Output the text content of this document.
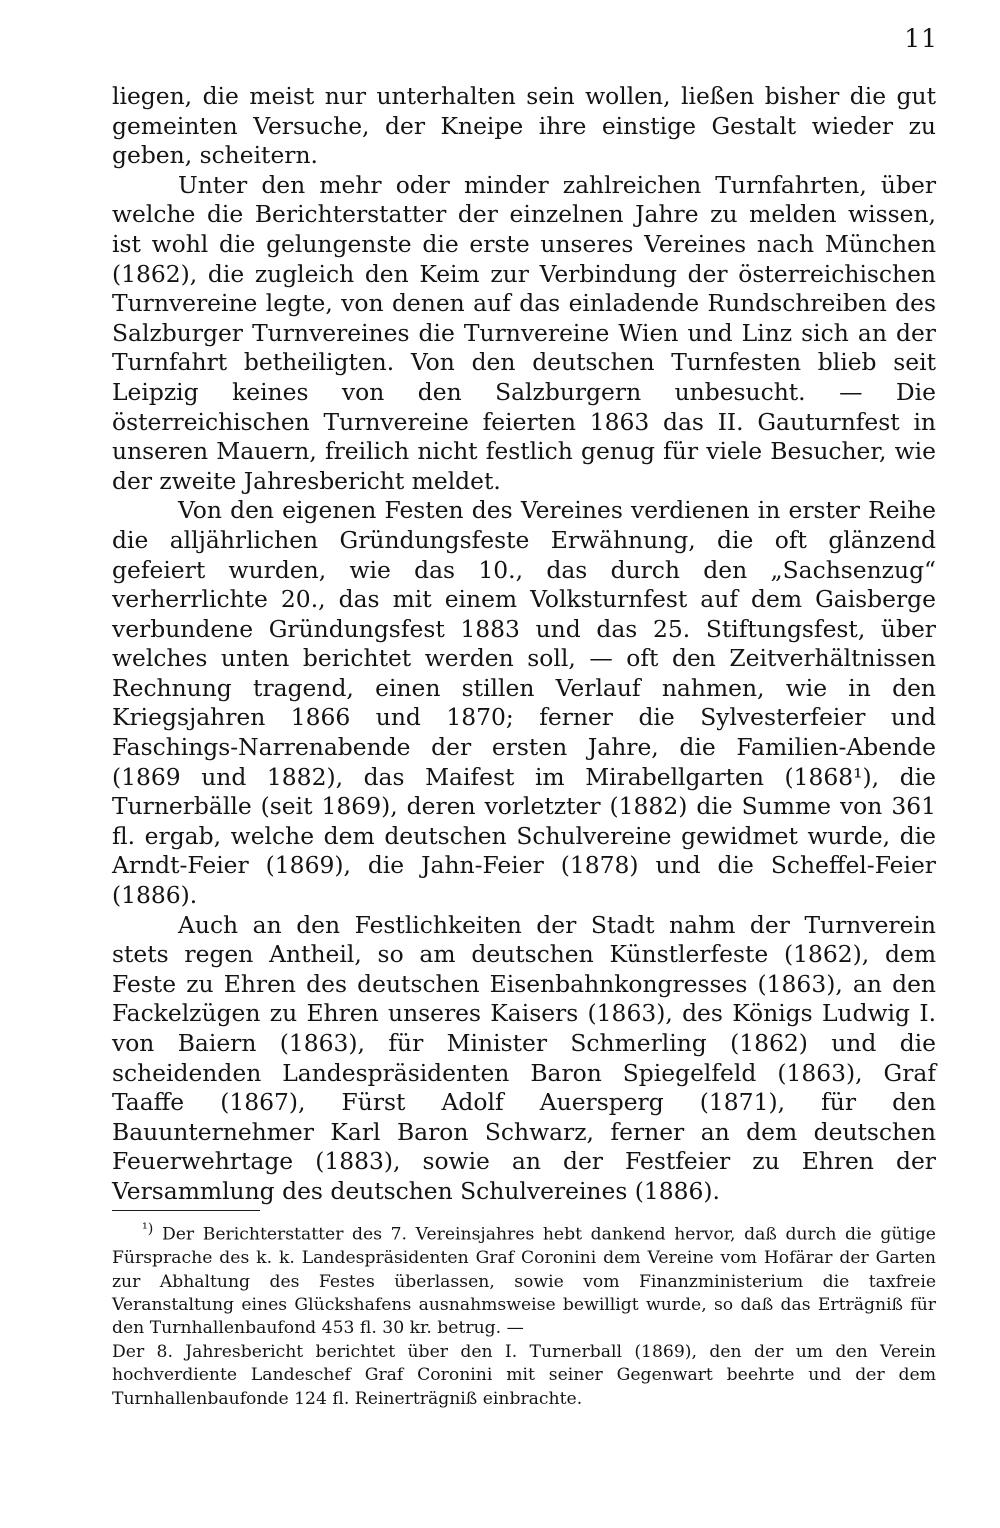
11

liegen, die meist nur unterhalten sein wollen, ließen bisher die gut gemeinten Versuche, der Kneipe ihre einstige Gestalt wieder zu geben, scheitern.

Unter den mehr oder minder zahlreichen Turnfahrten, über welche die Berichterstatter der einzelnen Jahre zu melden wissen, ist wohl die gelungenste die erste unseres Vereines nach München (1862), die zugleich den Keim zur Verbindung der österreichischen Turnvereine legte, von denen auf das einladende Rundschreiben des Salzburger Turnvereines die Turnvereine Wien und Linz sich an der Turnfahrt betheiligten. Von den deutschen Turnfesten blieb seit Leipzig keines von den Salzburgern unbesucht. — Die österreichischen Turnvereine feierten 1863 das II. Gauturnfest in unseren Mauern, freilich nicht festlich genug für viele Besucher, wie der zweite Jahresbericht meldet.

Von den eigenen Festen des Vereines verdienen in erster Reihe die alljährlichen Gründungsfeste Erwähnung, die oft glänzend gefeiert wurden, wie das 10., das durch den „Sachsenzug“ verherrlichte 20., das mit einem Volksturnfest auf dem Gaisberge verbundene Gründungsfest 1883 und das 25. Stiftungsfest, über welches unten berichtet werden soll, — oft den Zeitverhältnissen Rechnung tragend, einen stillen Verlauf nahmen, wie in den Kriegsjahren 1866 und 1870; ferner die Sylvesterfeier und Faschings-Narrenabende der ersten Jahre, die Familien-Abende (1869 und 1882), das Maifest im Mirabellgarten (1868¹), die Turnerbälle (seit 1869), deren vorletzter (1882) die Summe von 361 fl. ergab, welche dem deutschen Schulvereine gewidmet wurde, die Arndt-Feier (1869), die Jahn-Feier (1878) und die Scheffel-Feier (1886).

Auch an den Festlichkeiten der Stadt nahm der Turnverein stets regen Antheil, so am deutschen Künstlerfeste (1862), dem Feste zu Ehren des deutschen Eisenbahnkongresses (1863), an den Fackelzügen zu Ehren unseres Kaisers (1863), des Königs Ludwig I. von Baiern (1863), für Minister Schmerling (1862) und die scheidenden Landespräsidenten Baron Spiegelfeld (1863), Graf Taaffe (1867), Fürst Adolf Auersperg (1871), für den Bauunternehmer Karl Baron Schwarz, ferner an dem deutschen Feuerwehrtage (1883), sowie an der Festfeier zu Ehren der Versammlung des deutschen Schulvereines (1886).

$^{^1)}$ Der Berichterstatter des 7. Vereinsjahres hebt dankend hervor, daß durch die gütige Fürsprache des k. k. Landespräsidenten Graf Coronini dem Vereine vom Hofärar der Garten zur Abhaltung des Festes überlassen, sowie vom Finanzministerium die taxfreie Veranstaltung eines Glückshafens ausnahmsweise bewilligt wurde, so daß das Erträgniß für den Turnhallenbaufond 453 fl. 30 kr. betrug. —

Der 8. Jahresbericht berichtet über den I. Turnerball (1869), den der um den Verein hochverdiente Landeschef Graf Coronini mit seiner Gegenwart beehrte und der dem Turnhallenbaufonde 124 fl. Reinerträgniß einbrachte.
